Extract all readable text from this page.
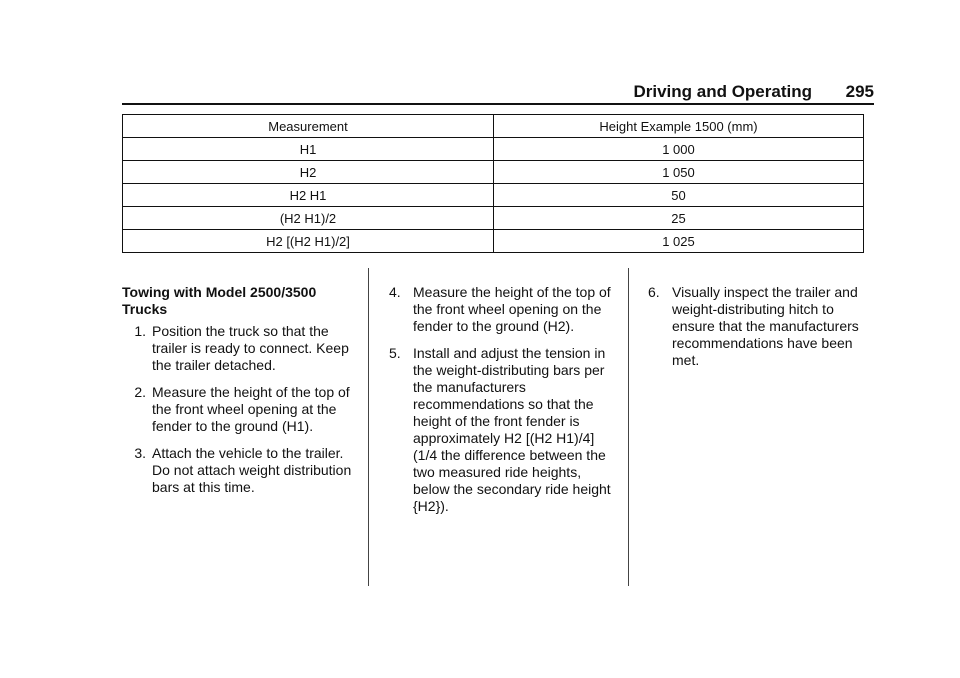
Driving and Operating 295
Measurement	Height Example 1500 (mm)
H1	1 000
H2	1 050
H2 H1	50
(H2 H1)/2	25
H2 [(H2 H1)/2]	1 025
Towing with Model 2500/3500 Trucks
1. Position the truck so that the trailer is ready to connect. Keep the trailer detached.
2. Measure the height of the top of the front wheel opening at the fender to the ground (H1).
3. Attach the vehicle to the trailer. Do not attach weight distribution bars at this time.
4. Measure the height of the top of the front wheel opening on the fender to the ground (H2).
5. Install and adjust the tension in the weight-distributing bars per the manufacturers recommendations so that the height of the front fender is approximately H2 [(H2 H1)/4] (1/4 the difference between the two measured ride heights, below the secondary ride height {H2}).
6. Visually inspect the trailer and weight-distributing hitch to ensure that the manufacturers recommendations have been met.
